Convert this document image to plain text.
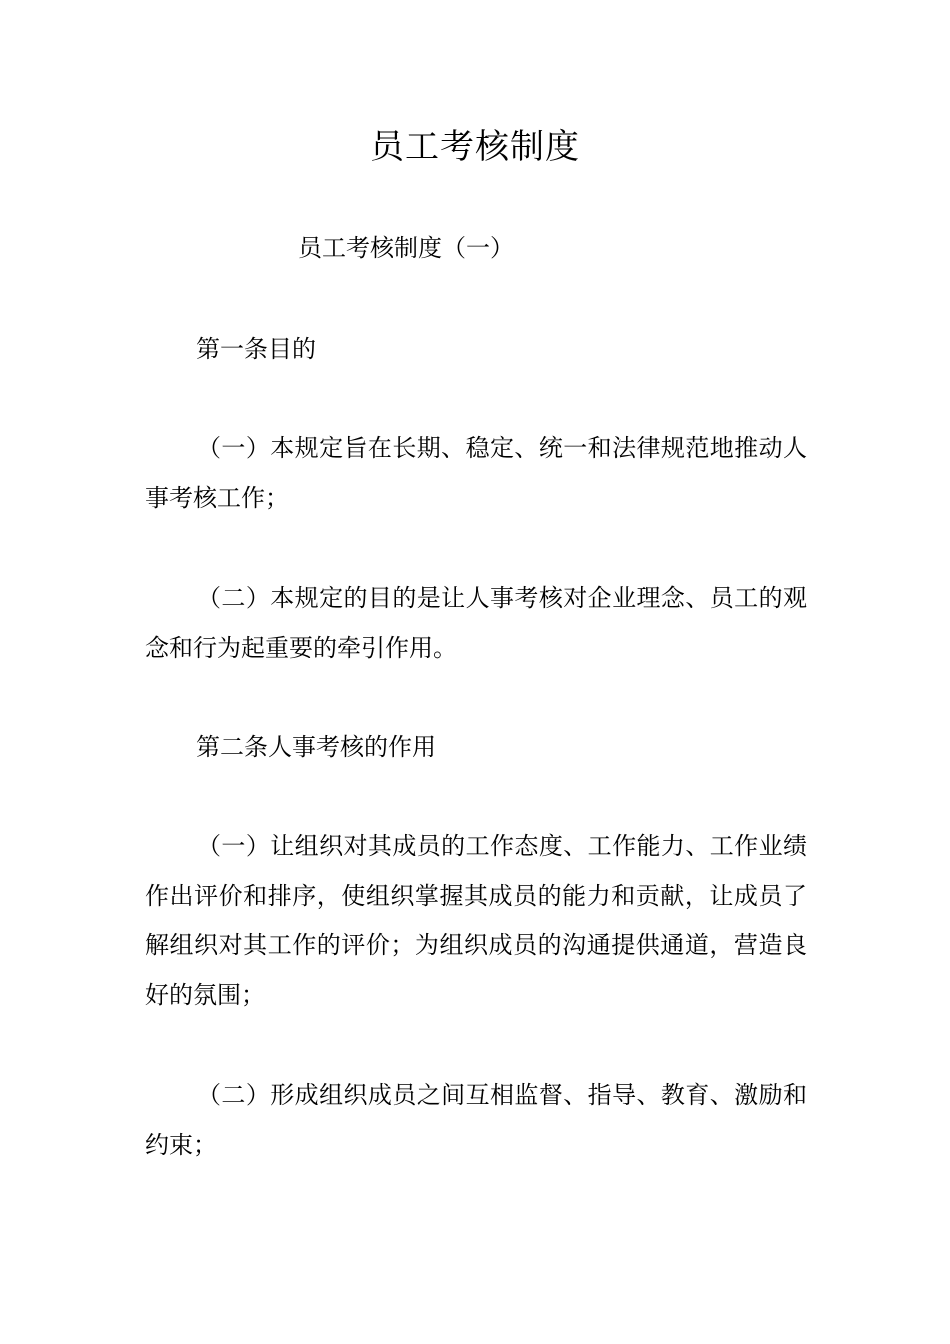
员工考核制度
员工考核制度（一）
第一条目的

（一）本规定旨在长期、稳定、统一和法律规范地推动人事考核工作；

（二）本规定的目的是让人事考核对企业理念、员工的观念和行为起重要的牵引作用。

第二条人事考核的作用

（一）让组织对其成员的工作态度、工作能力、工作业绩作出评价和排序，使组织掌握其成员的能力和贡献，让成员了解组织对其工作的评价；为组织成员的沟通提供通道，营造良好的氛围；

（二）形成组织成员之间互相监督、指导、教育、激励和约束；
